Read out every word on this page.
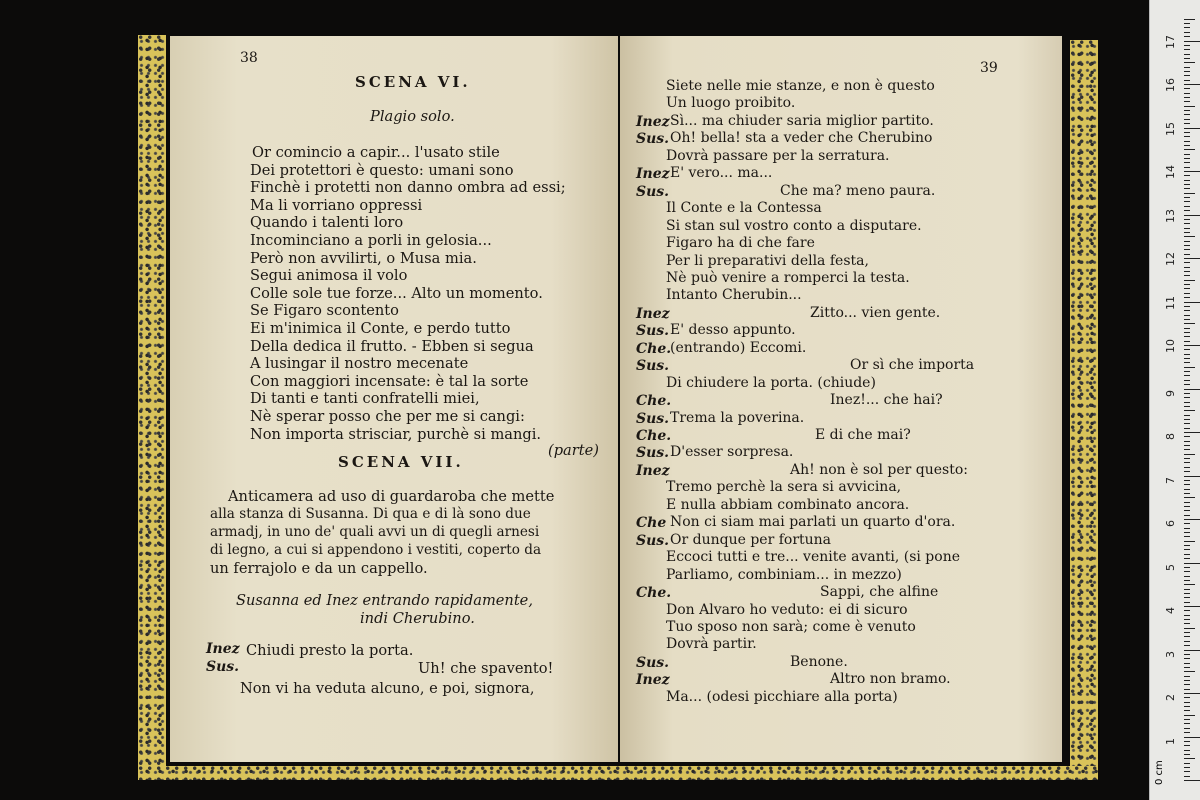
38
SCENA VI.
Plagio solo.
Or comincio a capir... l'usato stile
Dei protettori è questo: umani sono
Finchè i protetti non danno ombra ad essi;
Ma li vorriano oppressi
Quando i talenti loro
Incominciano a porli in gelosia...
Però non avvilirti, o Musa mia.
Segui animosa il volo
Colle sole tue forze... Alto un momento.
Se Figaro scontento
Ei m'inimica il Conte, e perdo tutto
Della dedica il frutto. - Ebben si segua
A lusingar il nostro mecenate
Con maggiori incensate: è tal la sorte
Di tanti e tanti confratelli miei,
Nè sperar posso che per me si cangi:
Non importa strisciar, purchè si mangi.
(parte)
SCENA VII.
Anticamera ad uso di guardaroba che mette
alla stanza di Susanna. Di qua e di là sono due
armadj, in uno de' quali avvi un di quegli arnesi
di legno, a cui si appendono i vestiti, coperto da
un ferrajolo e da un cappello.
Susanna ed Inez entrando rapidamente,
indi Cherubino.
Inez Chiudi presto la porta.
Sus.	Uh! che spavento!
Non vi ha veduta alcuno, e poi, signora,
39
Siete nelle mie stanze, e non è questo
Un luogo proibito.
Inez Sì... ma chiuder saria miglior partito.
Sus. Oh! bella! sta a veder che Cherubino
Dovrà passare per la serratura.
Inez E' vero... ma...
Sus.	Che ma? meno paura.
Il Conte e la Contessa
Si stan sul vostro conto a disputare.
Figaro ha di che fare
Per li preparativi della festa,
Nè può venire a romperci la testa.
Intanto Cherubin...
Inez	Zitto... vien gente.
Sus. E' desso appunto.
Che.
(entrando) Eccomi.
Sus.	Or sì che importa
Di chiudere la porta. (chiude)
Che.	Inez!... che hai?
Sus. Trema la poverina.
Che.	E di che mai?
Sus. D'esser sorpresa.
Inez	Ah! non è sol per questo:
Tremo perchè la sera si avvicina,
E nulla abbiam combinato ancora.
Che Non ci siam mai parlati un quarto d'ora.
Sus. Or dunque per fortuna
Eccoci tutti e tre... venite avanti, (si pone
Parliamo, combiniam... in mezzo)
Che.	Sappi, che alfine
Don Alvaro ho veduto: ei di sicuro
Tuo sposo non sarà; come è venuto
Dovrà partir.
Sus.	Benone.
Inez	Altro non bramo.
Ma... (odesi picchiare alla porta)
1
2
3
4
5
6
7
8
9
10
11
12
13
14
15
16
17
0 cm
